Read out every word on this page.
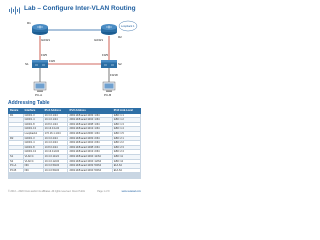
Lab – Configure Inter-VLAN Routing
R1
R2
S1	S2
G0/0/1	G0/0/1
F0/5	F0/5
F0/6
F0/18
PC-A	PC-B
Loopback 1
Addressing Table
Device	Interface	IPv4 Address	IPv6 Address	IPv6 Link-Local
R1	G0/0/1.3	10.3.0.1/24	2001:db8:acad:1003::1/64	fe80::1:1
	G0/0/1.4	10.4.0.1/24	2001:db8:acad:1004::1/64	fe80::1:2
	G0/0/1.8	10.8.0.1/24	2001:db8:acad:1008::1/64	fe80::1:3
	G0/0/1.13	10.13.0.1/24	2001:db8:acad:1013::1/64	fe80::1:4
	Loopback1	172.16.1.1/24	2001:db8:acad:2000::1/64	fe80::1:5
R2	G0/0/1.3	10.3.0.2/24	2001:db8:acad:1003::2/64	fe80::2:1
	G0/0/1.4	10.4.0.2/24	2001:db8:acad:1004::2/64	fe80::2:2
	G0/0/1.8	10.8.0.2/24	2001:db8:acad:1008::2/64	fe80::2:3
	G0/0/1.13	10.13.0.2/24	2001:db8:acad:1013::2/64	fe80::2:4
S1	VLAN 4	10.4.0.11/24	2001:db8:acad:1004::11/64	fe80::11
S2	VLAN 4	10.4.0.12/24	2001:db8:acad:1004::12/64	fe80::12
PC-A	NIC	10.3.0.50/24	2001:db8:acad:1003::50/64	EUI-64
PC-B	NIC	10.4.0.50/24	2001:db8:acad:1004::50/64	EUI-64

© 2013 – 2020 Cisco and/or its affiliates. All rights reserved. Cisco Public	Page 1 of 9	www.netacad.com
